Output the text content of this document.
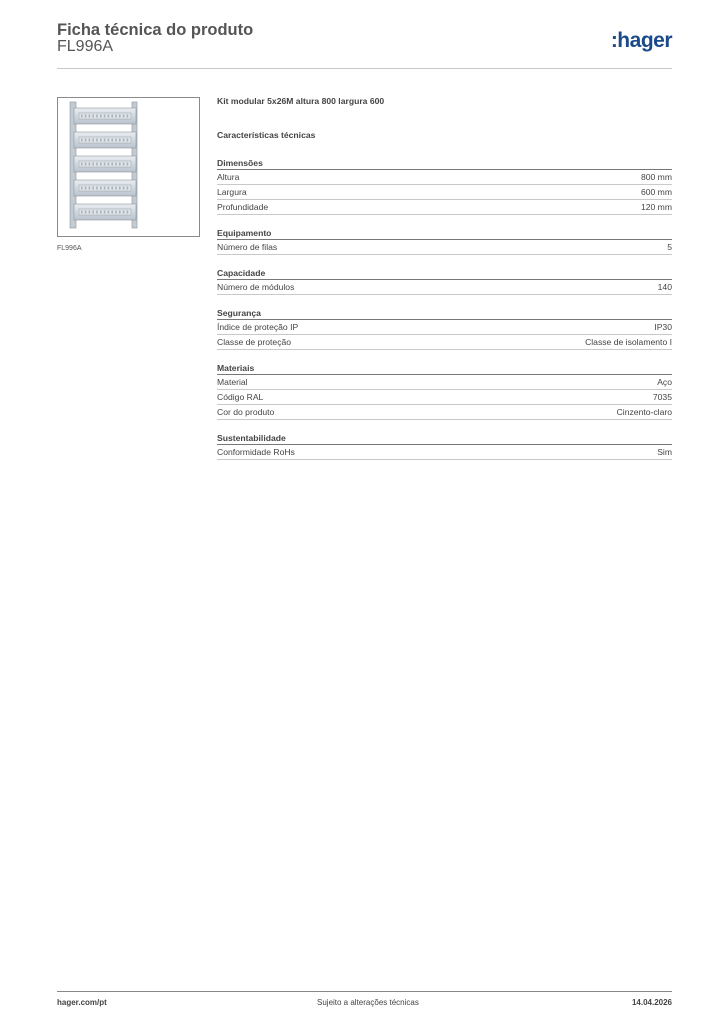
Ficha técnica do produto
FL996A	:hager
FL996A
Kit modular 5x26M altura 800 largura 600
Características técnicas
Dimensões
Altura	800 mm
Largura	600 mm
Profundidade	120 mm
Equipamento
Número de filas	5
Capacidade
Número de módulos	140
Segurança
Índice de proteção IP	IP30
Classe de proteção	Classe de isolamento I
Materiais
Material	Aço
Código RAL	7035
Cor do produto	Cinzento-claro
Sustentabilidade
Conformidade RoHs	Sim
hager.com/pt	Sujeito a alterações técnicas	14.04.2026
